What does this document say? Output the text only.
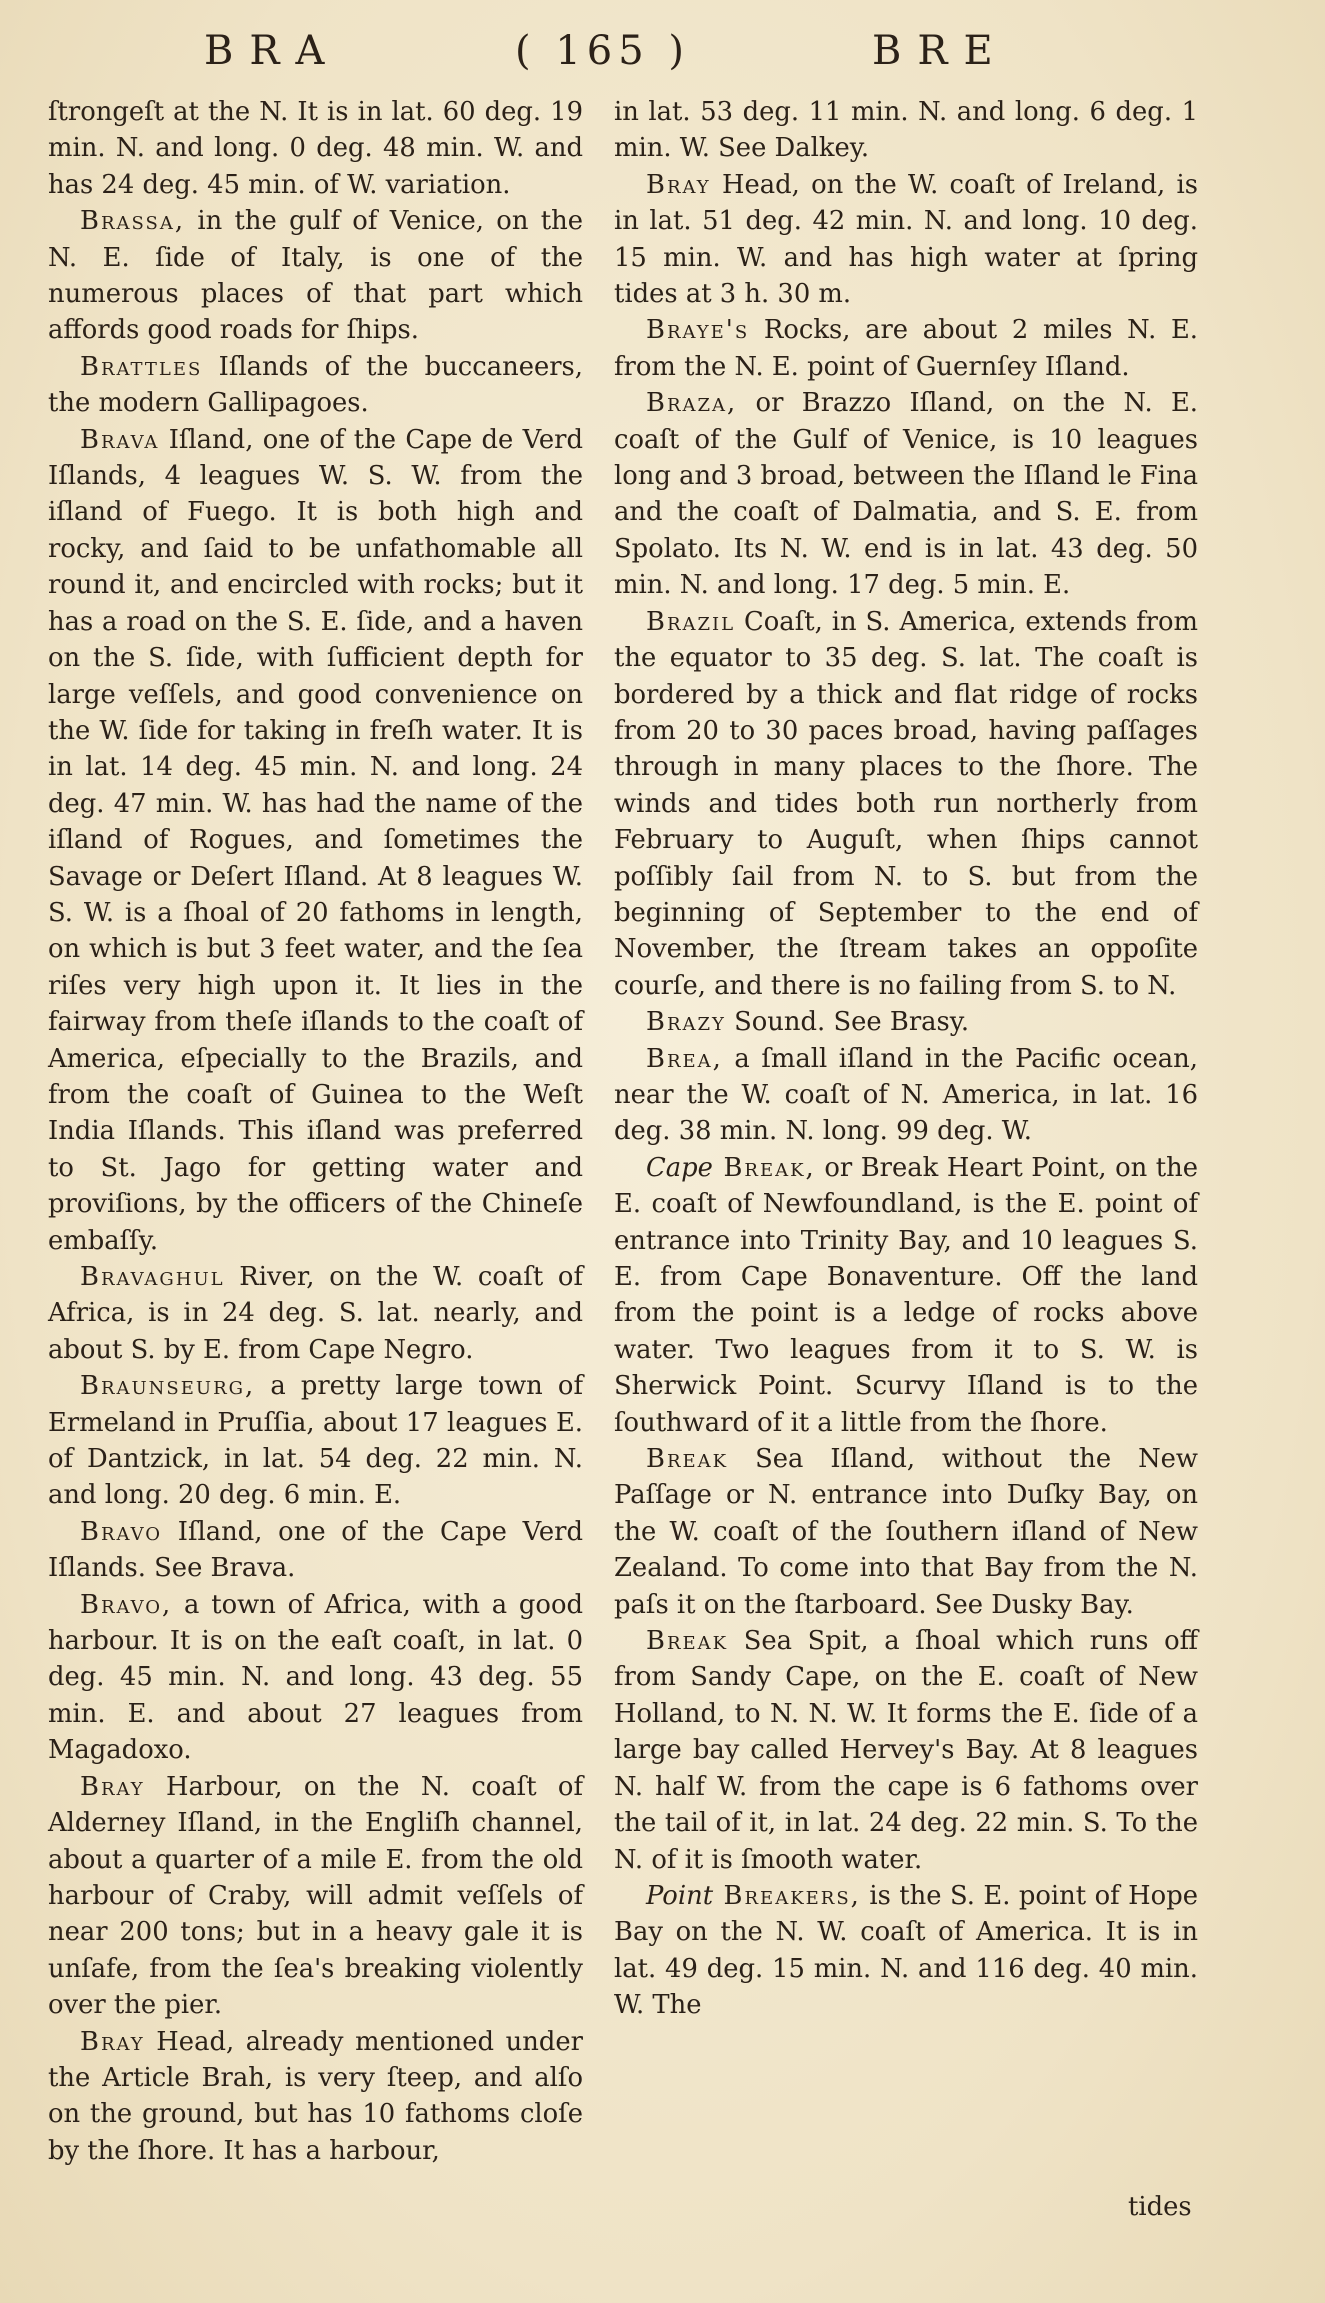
BRA	( 165 )	BRE

ſtrongeſt at the N. It is in lat. 60 deg. 19 min. N. and long. 0 deg. 48 min. W. and has 24 deg. 45 min. of W. variation.

Brassa, in the gulf of Venice, on the N. E. ſide of Italy, is one of the numerous places of that part which affords good roads for ſhips.

Brattles Iſlands of the buccaneers, the modern Gallipagoes.

Brava Iſland, one of the Cape de Verd Iſlands, 4 leagues W. S. W. from the iſland of Fuego. It is both high and rocky, and ſaid to be unfathomable all round it, and encircled with rocks; but it has a road on the S. E. ſide, and a haven on the S. ſide, with ſufficient depth for large veſſels, and good convenience on the W. ſide for taking in freſh water. It is in lat. 14 deg. 45 min. N. and long. 24 deg. 47 min. W. has had the name of the iſland of Rogues, and ſometimes the Savage or Deſert Iſland. At 8 leagues W. S. W. is a ſhoal of 20 fathoms in length, on which is but 3 feet water, and the ſea riſes very high upon it. It lies in the fairway from theſe iſlands to the coaſt of America, eſpecially to the Brazils, and from the coaſt of Guinea to the Weſt India Iſlands. This iſland was preferred to St. Jago for getting water and proviſions, by the officers of the Chineſe embaſſy.

Bravaghul River, on the W. coaſt of Africa, is in 24 deg. S. lat. nearly, and about S. by E. from Cape Negro.

Braunseurg, a pretty large town of Ermeland in Pruſſia, about 17 leagues E. of Dantzick, in lat. 54 deg. 22 min. N. and long. 20 deg. 6 min. E.

Bravo Iſland, one of the Cape Verd Iſlands. See Brava.

Bravo, a town of Africa, with a good harbour. It is on the eaſt coaſt, in lat. 0 deg. 45 min. N. and long. 43 deg. 55 min. E. and about 27 leagues from Magadoxo.

Bray Harbour, on the N. coaſt of Alderney Iſland, in the Engliſh channel, about a quarter of a mile E. from the old harbour of Craby, will admit veſſels of near 200 tons; but in a heavy gale it is unſafe, from the ſea's breaking violently over the pier.

Bray Head, already mentioned under the Article Brah, is very ſteep, and alſo on the ground, but has 10 fathoms cloſe by the ſhore. It has a harbour,

in lat. 53 deg. 11 min. N. and long. 6 deg. 1 min. W. See Dalkey.

Bray Head, on the W. coaſt of Ireland, is in lat. 51 deg. 42 min. N. and long. 10 deg. 15 min. W. and has high water at ſpring tides at 3 h. 30 m.

Braye's Rocks, are about 2 miles N. E. from the N. E. point of Guernſey Iſland.

Braza, or Brazzo Iſland, on the N. E. coaſt of the Gulf of Venice, is 10 leagues long and 3 broad, between the Iſland le Fina and the coaſt of Dalmatia, and S. E. from Spolato. Its N. W. end is in lat. 43 deg. 50 min. N. and long. 17 deg. 5 min. E.

Brazil Coaſt, in S. America, extends from the equator to 35 deg. S. lat. The coaſt is bordered by a thick and flat ridge of rocks from 20 to 30 paces broad, having paſſages through in many places to the ſhore. The winds and tides both run northerly from February to Auguſt, when ſhips cannot poſſibly ſail from N. to S. but from the beginning of September to the end of November, the ſtream takes an oppoſite courſe, and there is no failing from S. to N.

Brazy Sound. See Brasy.

Brea, a ſmall iſland in the Pacific ocean, near the W. coaſt of N. America, in lat. 16 deg. 38 min. N. long. 99 deg. W.

Cape Break, or Break Heart Point, on the E. coaſt of Newfoundland, is the E. point of entrance into Trinity Bay, and 10 leagues S. E. from Cape Bonaventure. Off the land from the point is a ledge of rocks above water. Two leagues from it to S. W. is Sherwick Point. Scurvy Iſland is to the ſouthward of it a little from the ſhore.

Break Sea Iſland, without the New Paſſage or N. entrance into Duſky Bay, on the W. coaſt of the ſouthern iſland of New Zealand. To come into that Bay from the N. paſs it on the ſtarboard. See Dusky Bay.

Break Sea Spit, a ſhoal which runs off from Sandy Cape, on the E. coaſt of New Holland, to N. N. W. It forms the E. ſide of a large bay called Hervey's Bay. At 8 leagues N. half W. from the cape is 6 fathoms over the tail of it, in lat. 24 deg. 22 min. S. To the N. of it is ſmooth water.

Point Breakers, is the S. E. point of Hope Bay on the N. W. coaſt of America. It is in lat. 49 deg. 15 min. N. and 116 deg. 40 min. W. The

tides
